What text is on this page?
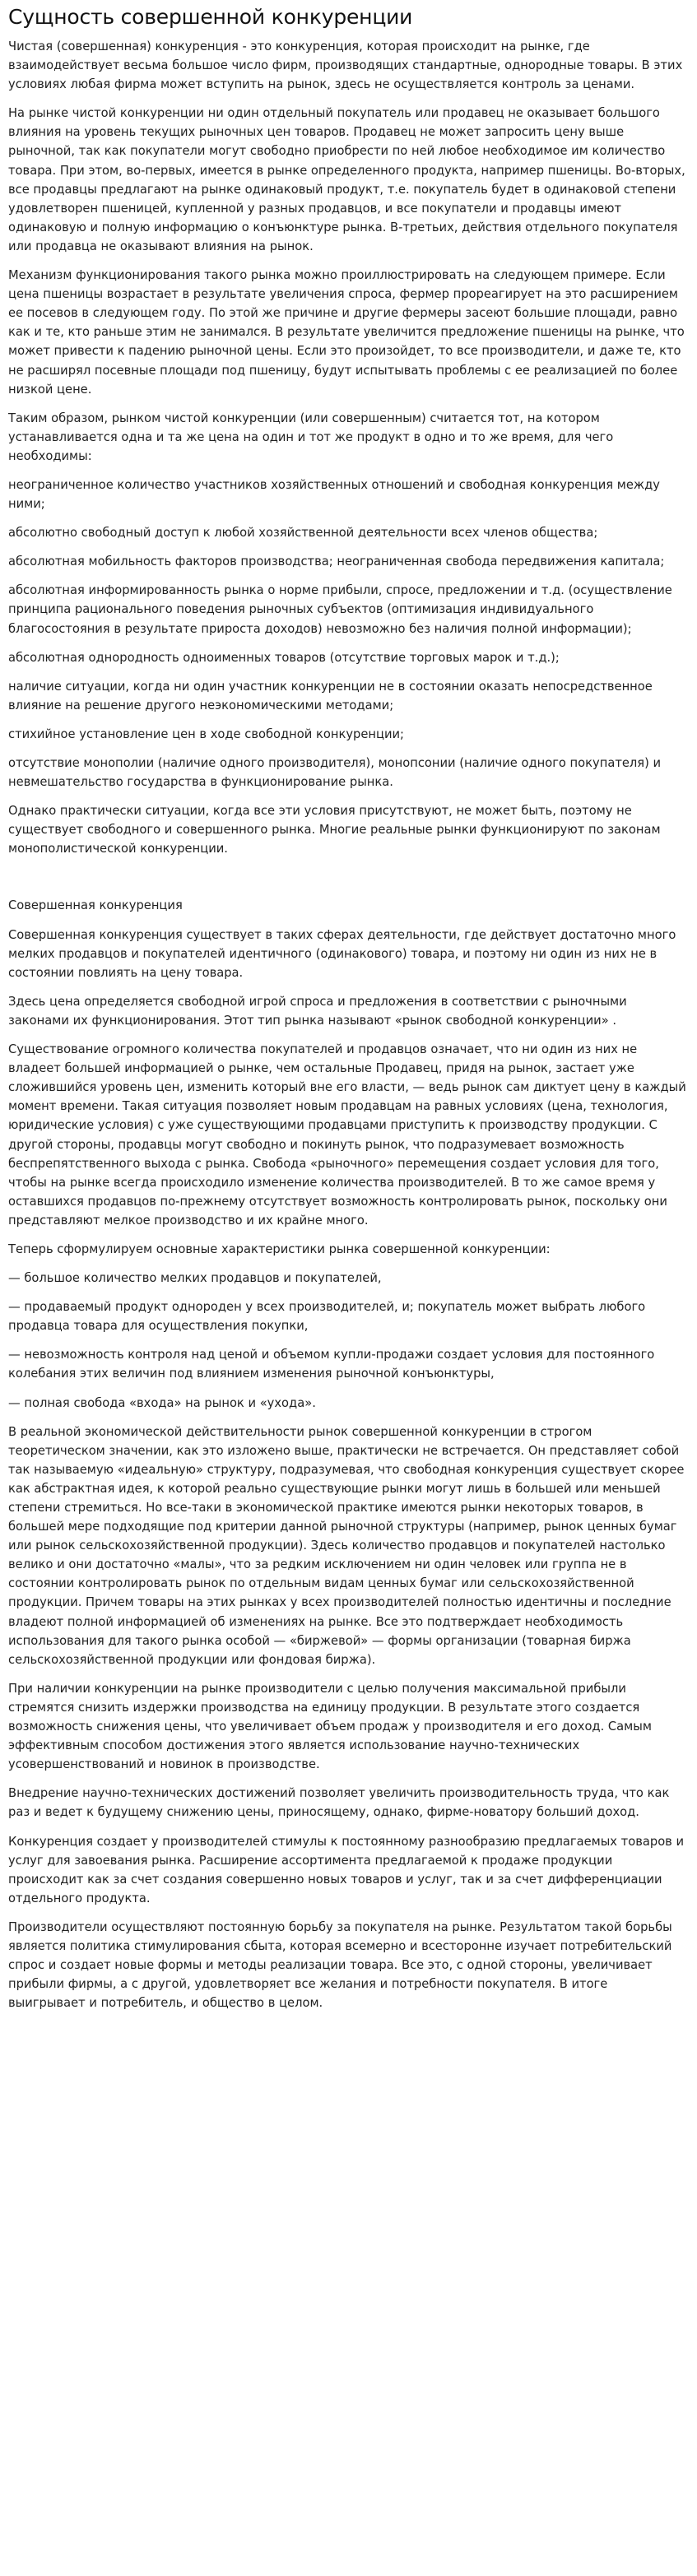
Сущность совершенной конкуренции

Чистая (совершенная) конкуренция - это конкуренция, которая происходит на рынке, где взаимодействует весьма большое число фирм, производящих стандартные, однородные товары. В этих условиях любая фирма может вступить на рынок, здесь не осуществляется контроль за ценами.

На рынке чистой конкуренции ни один отдельный покупатель или продавец не оказывает большого влияния на уровень текущих рыночных цен товаров. Продавец не может запросить цену выше рыночной, так как покупатели могут свободно приобрести по ней любое необходимое им количество товара. При этом, во-первых, имеется в рынке определенного продукта, например пшеницы. Во-вторых, все продавцы предлагают на рынке одинаковый продукт, т.е. покупатель будет в одинаковой степени удовлетворен пшеницей, купленной у разных продавцов, и все покупатели и продавцы имеют одинаковую и полную информацию о конъюнктуре рынка. В-третьих, действия отдельного покупателя или продавца не оказывают влияния на рынок.

Механизм функционирования такого рынка можно проиллюстрировать на следующем примере. Если цена пшеницы возрастает в результате увеличения спроса, фермер прореагирует на это расширением ее посевов в следующем году. По этой же причине и другие фермеры засеют большие площади, равно как и те, кто раньше этим не занимался. В результате увеличится предложение пшеницы на рынке, что может привести к падению рыночной цены. Если это произойдет, то все производители, и даже те, кто не расширял посевные площади под пшеницу, будут испытывать проблемы с ее реализацией по более низкой цене.

Таким образом, рынком чистой конкуренции (или совершенным) считается тот, на котором устанавливается одна и та же цена на один и тот же продукт в одно и то же время, для чего необходимы:

неограниченное количество участников хозяйственных отношений и свободная конкуренция между ними;

абсолютно свободный доступ к любой хозяйственной деятельности всех членов общества;

абсолютная мобильность факторов производства; неограниченная свобода передвижения капитала;

абсолютная информированность рынка о норме прибыли, спросе, предложении и т.д. (осуществление принципа рационального поведения рыночных субъектов (оптимизация индивидуального благосостояния в результате прироста доходов) невозможно без наличия полной информации);

абсолютная однородность одноименных товаров (отсутствие торговых марок и т.д.);

наличие ситуации, когда ни один участник конкуренции не в состоянии оказать непосредственное влияние на решение другого неэкономическими методами;

стихийное установление цен в ходе свободной конкуренции;

отсутствие монополии (наличие одного производителя), монопсонии (наличие одного покупателя) и невмешательство государства в функционирование рынка.

Однако практически ситуации, когда все эти условия присутствуют, не может быть, поэтому не существует свободного и совершенного рынка. Многие реальные рынки функционируют по законам монополистической конкуренции.

Совершенная конкуренция

Совершенная конкуренция существует в таких сферах деятельности, где действует достаточно много мелких продавцов и покупателей идентичного (одинакового) товара, и поэтому ни один из них не в состоянии повлиять на цену товара.

Здесь цена определяется свободной игрой спроса и предложения в соответствии с рыночными законами их функционирования. Этот тип рынка называют «рынок свободной конкуренции» .

Существование огромного количества покупателей и продавцов означает, что ни один из них не владеет большей информацией о рынке, чем остальные Продавец, придя на рынок, застает уже сложившийся уровень цен, изменить который вне его власти, — ведь рынок сам диктует цену в каждый момент времени. Такая ситуация позволяет новым продавцам на равных условиях (цена, технология, юридические условия) с уже существующими продавцами приступить к производству продукции. С другой стороны, продавцы могут свободно и покинуть рынок, что подразумевает возможность беспрепятственного выхода с рынка. Свобода «рыночного» перемещения создает условия для того, чтобы на рынке всегда происходило изменение количества производителей. В то же самое время у оставшихся продавцов по-прежнему отсутствует возможность контролировать рынок, поскольку они представляют мелкое производство и их крайне много.

Теперь сформулируем основные характеристики рынка совершенной конкуренции:

— большое количество мелких продавцов и покупателей,

— продаваемый продукт однороден у всех производителей, и; покупатель может выбрать любого продавца товара для осуществления покупки,

— невозможность контроля над ценой и объемом купли-продажи создает условия для постоянного колебания этих величин под влиянием изменения рыночной конъюнктуры,

— полная свобода «входа» на рынок и «ухода».

В реальной экономической действительности рынок совершенной конкуренции в строгом теоретическом значении, как это изложено выше, практически не встречается. Он представляет собой так называемую «идеальную» структуру, подразумевая, что свободная конкуренция существует скорее как абстрактная идея, к которой реально существующие рынки могут лишь в большей или меньшей степени стремиться. Но все-таки в экономической практике имеются рынки некоторых товаров, в большей мере подходящие под критерии данной рыночной структуры (например, рынок ценных бумаг или рынок сельскохозяйственной продукции). Здесь количество продавцов и покупателей настолько велико и они достаточно «малы», что за редким исключением ни один человек или группа не в состоянии контролировать рынок по отдельным видам ценных бумаг или сельскохозяйственной продукции. Причем товары на этих рынках у всех производителей полностью идентичны и последние владеют полной информацией об изменениях на рынке. Все это подтверждает необходимость использования для такого рынка особой — «биржевой» — формы организации (товарная биржа сельскохозяйственной продукции или фондовая биржа).

При наличии конкуренции на рынке производители с целью получения максимальной прибыли стремятся снизить издержки производства на единицу продукции. В результате этого создается возможность снижения цены, что увеличивает объем продаж у производителя и его доход. Самым эффективным способом достижения этого является использование научно-технических усовершенствований и новинок в производстве.

Внедрение научно-технических достижений позволяет увеличить производительность труда, что как раз и ведет к будущему снижению цены, приносящему, однако, фирме-новатору больший доход.

Конкуренция создает у производителей стимулы к постоянному разнообразию предлагаемых товаров и услуг для завоевания рынка. Расширение ассортимента предлагаемой к продаже продукции происходит как за счет создания совершенно новых товаров и услуг, так и за счет дифференциации отдельного продукта.

Производители осуществляют постоянную борьбу за покупателя на рынке. Результатом такой борьбы является политика стимулирования сбыта, которая всемерно и всесторонне изучает потребительский спрос и создает новые формы и методы реализации товара. Все это, с одной стороны, увеличивает прибыли фирмы, а с другой, удовлетворяет все желания и потребности покупателя. В итоге выигрывает и потребитель, и общество в целом.
